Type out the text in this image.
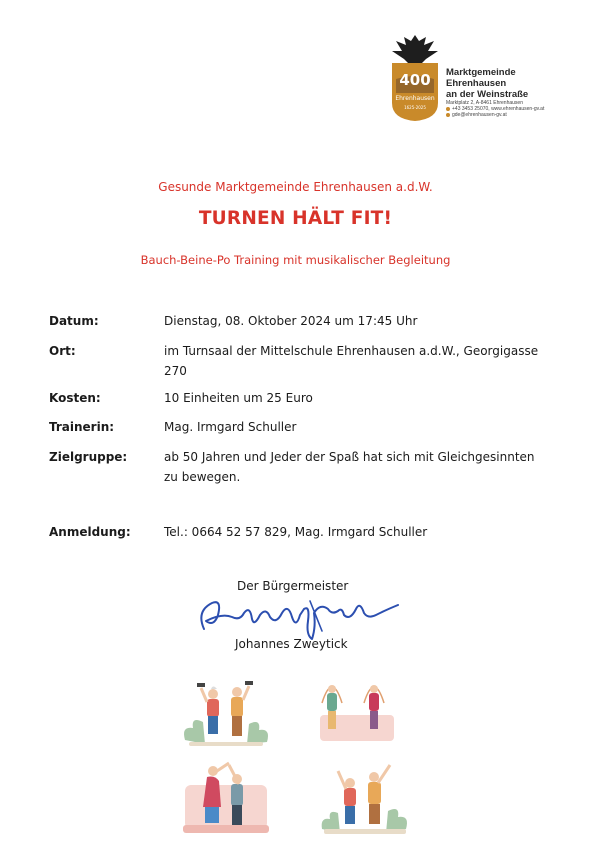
400
Ehrenhausen
1625-2025
Marktgemeinde
Ehrenhausen
an der Weinstraße
Marktplatz 2, A-8461 Ehrenhausen
+43 3453 25070, www.ehrenhausen-gv.at
gde@ehrenhausen-gv.at
Gesunde Marktgemeinde Ehrenhausen a.d.W.
TURNEN HÄLT FIT!
Bauch-Beine-Po Training mit musikalischer Begleitung
Datum:	Dienstag, 08. Oktober 2024 um 17:45 Uhr
Ort:	im Turnsaal der Mittelschule Ehrenhausen a.d.W., Georgigasse
270
Kosten:	10 Einheiten um 25 Euro
Trainerin:	Mag. Irmgard Schuller
Zielgruppe:	ab 50 Jahren und Jeder der Spaß hat sich mit Gleichgesinnten
zu bewegen.
Anmeldung:	Tel.: 0664 52 57 829, Mag. Irmgard Schuller
Der Bürgermeister
Johannes Zweytick
